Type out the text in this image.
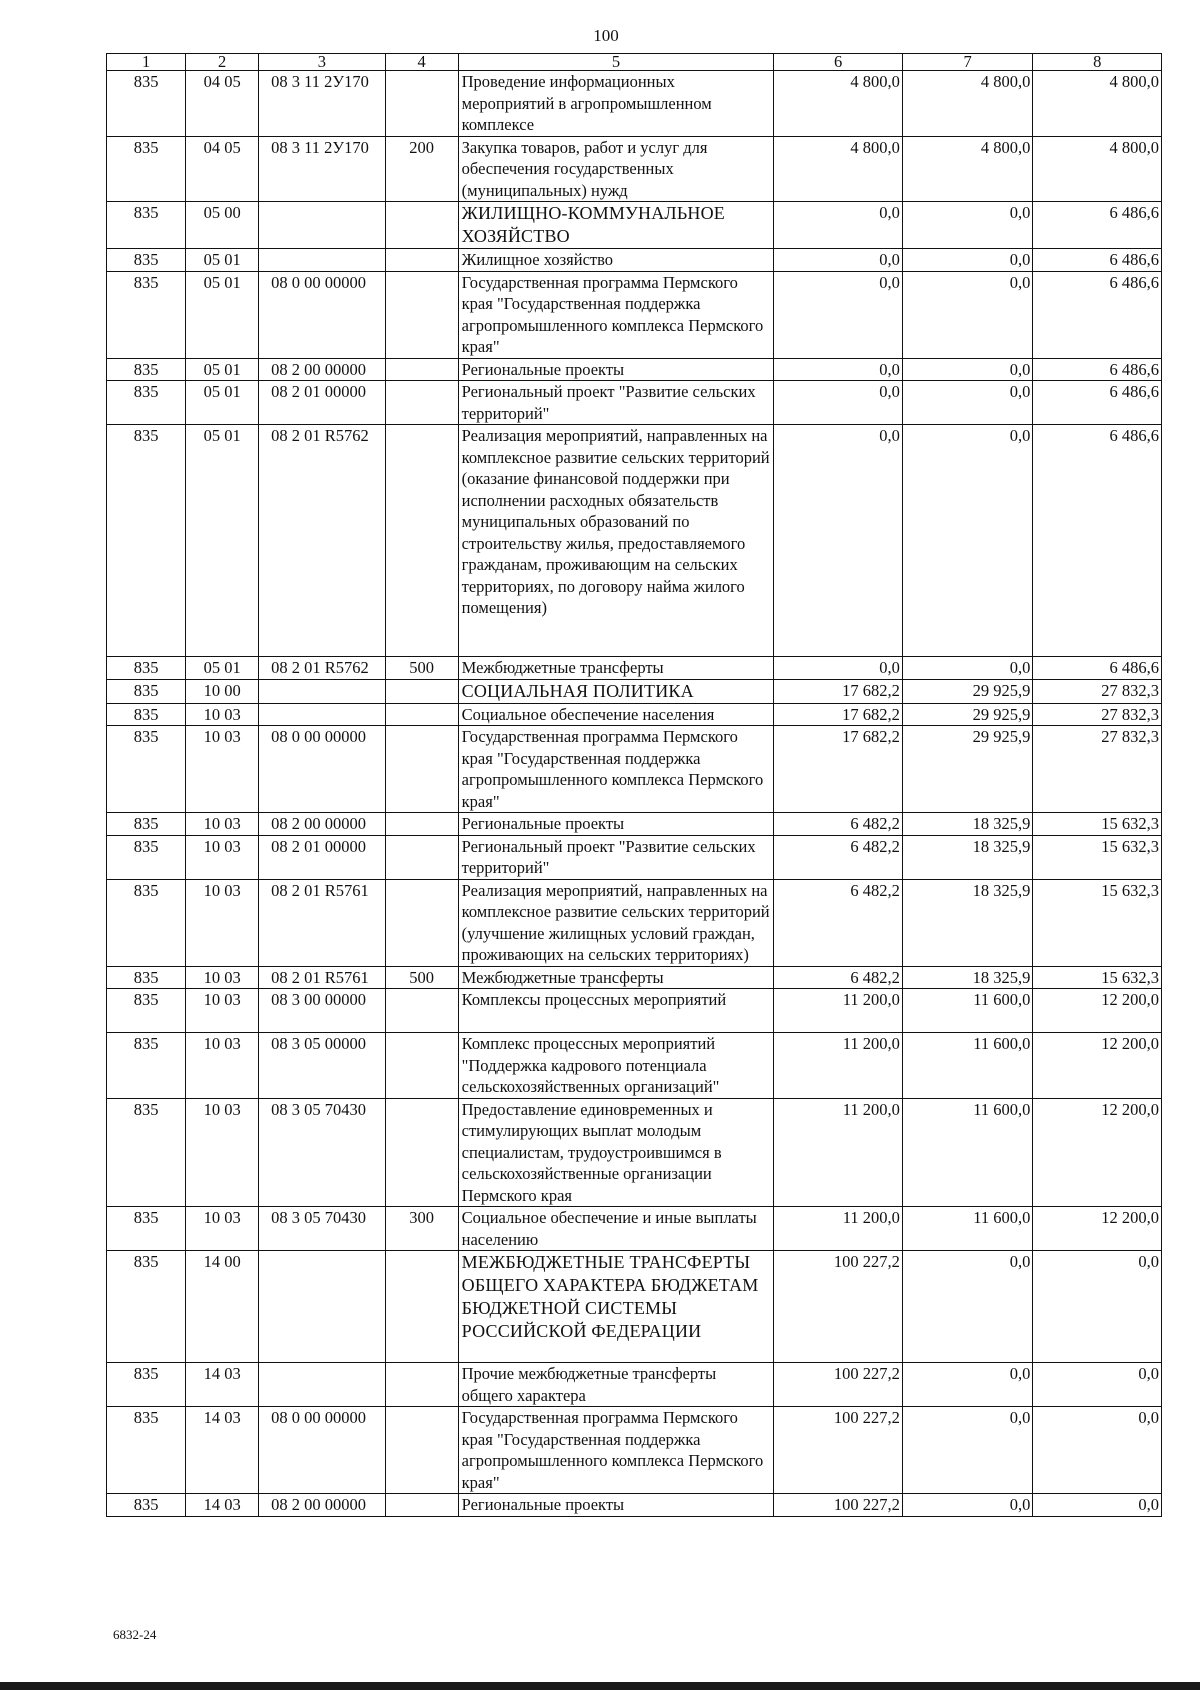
100
1	2	3	4	5	6	7	8
835	04 05	08 3 11 2У170		Проведение информационных мероприятий в агропромышленном комплексе	4 800,0	4 800,0	4 800,0
835	04 05	08 3 11 2У170	200	Закупка товаров, работ и услуг для обеспечения государственных (муниципальных) нужд	4 800,0	4 800,0	4 800,0
835	05 00			ЖИЛИЩНО-КОММУНАЛЬНОЕ ХОЗЯЙСТВО	0,0	0,0	6 486,6
835	05 01			Жилищное хозяйство	0,0	0,0	6 486,6
835	05 01	08 0 00 00000		Государственная программа Пермского края "Государственная поддержка агропромышленного комплекса Пермского края"	0,0	0,0	6 486,6
835	05 01	08 2 00 00000		Региональные проекты	0,0	0,0	6 486,6
835	05 01	08 2 01 00000		Региональный проект "Развитие сельских территорий"	0,0	0,0	6 486,6
835	05 01	08 2 01 R5762		Реализация мероприятий, направленных на комплексное развитие сельских территорий (оказание финансовой поддержки при исполнении расходных обязательств муниципальных образований по строительству жилья, предоставляемого гражданам, проживающим на сельских территориях, по договору найма жилого помещения)	0,0	0,0	6 486,6
835	05 01	08 2 01 R5762	500	Межбюджетные трансферты	0,0	0,0	6 486,6
835	10 00			СОЦИАЛЬНАЯ ПОЛИТИКА	17 682,2	29 925,9	27 832,3
835	10 03			Социальное обеспечение населения	17 682,2	29 925,9	27 832,3
835	10 03	08 0 00 00000		Государственная программа Пермского края "Государственная поддержка агропромышленного комплекса Пермского края"	17 682,2	29 925,9	27 832,3
835	10 03	08 2 00 00000		Региональные проекты	6 482,2	18 325,9	15 632,3
835	10 03	08 2 01 00000		Региональный проект "Развитие сельских территорий"	6 482,2	18 325,9	15 632,3
835	10 03	08 2 01 R5761		Реализация мероприятий, направленных на комплексное развитие сельских территорий (улучшение жилищных условий граждан, проживающих на сельских территориях)	6 482,2	18 325,9	15 632,3
835	10 03	08 2 01 R5761	500	Межбюджетные трансферты	6 482,2	18 325,9	15 632,3
835	10 03	08 3 00 00000		Комплексы процессных мероприятий	11 200,0	11 600,0	12 200,0
835	10 03	08 3 05 00000		Комплекс процессных мероприятий "Поддержка кадрового потенциала сельскохозяйственных организаций"	11 200,0	11 600,0	12 200,0
835	10 03	08 3 05 70430		Предоставление единовременных и стимулирующих выплат молодым специалистам, трудоустроившимся в сельскохозяйственные организации Пермского края	11 200,0	11 600,0	12 200,0
835	10 03	08 3 05 70430	300	Социальное обеспечение и иные выплаты населению	11 200,0	11 600,0	12 200,0
835	14 00			МЕЖБЮДЖЕТНЫЕ ТРАНСФЕРТЫ ОБЩЕГО ХАРАКТЕРА БЮДЖЕТАМ БЮДЖЕТНОЙ СИСТЕМЫ РОССИЙСКОЙ ФЕДЕРАЦИИ	100 227,2	0,0	0,0
835	14 03			Прочие межбюджетные трансферты общего характера	100 227,2	0,0	0,0
835	14 03	08 0 00 00000		Государственная программа Пермского края "Государственная поддержка агропромышленного комплекса Пермского края"	100 227,2	0,0	0,0
835	14 03	08 2 00 00000		Региональные проекты	100 227,2	0,0	0,0
6832-24
